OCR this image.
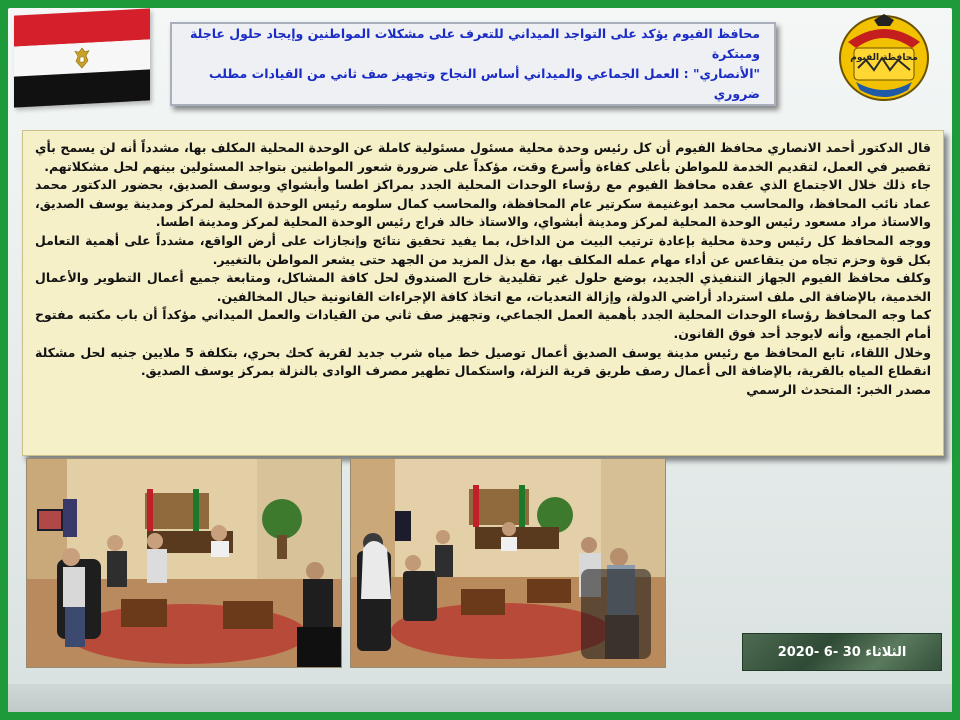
محافظ الفيوم يؤكد على التواجد الميداني للتعرف على مشكلات المواطنين وإيجاد حلول عاجلة ومبتكرة
"الأنصاري" : العمل الجماعي والميداني أساس النجاح وتجهيز صف ثاني من القيادات مطلب ضروري
محافظة الفيوم

قال الدكتور أحمد الانصاري محافظ الفيوم أن كل رئيس وحدة محلية مسئول مسئولية كاملة عن الوحدة المحلية المكلف بها، مشدداً أنه لن يسمح بأي تقصير في العمل، لتقديم الخدمة للمواطن بأعلى كفاءة وأسرع وقت، مؤكداً على ضرورة شعور المواطنين بتواجد المسئولين بينهم لحل مشكلاتهم.

جاء ذلك خلال الاجتماع الذي عقده محافظ الفيوم مع رؤساء الوحدات المحلية الجدد بمراكز اطسا وأبشواي ويوسف الصديق، بحضور الدكتور محمد عماد نائب المحافظ، والمحاسب محمد ابوغنيمة سكرتير عام المحافظة، والمحاسب كمال سلومه رئيس الوحدة المحلية لمركز ومدينة يوسف الصديق، والاستاذ مراد مسعود رئيس الوحدة المحلية لمركز ومدينة أبشواي، والاستاذ خالد فراج رئيس الوحدة المحلية لمركز ومدينة اطسا.

ووجه المحافظ كل رئيس وحدة محلية بإعادة ترتيب البيت من الداخل، بما يفيد تحقيق نتائج وإنجازات على أرض الواقع، مشدداً على أهمية التعامل بكل قوة وحزم تجاه من يتقاعس عن أداء مهام عمله المكلف بها، مع بذل المزيد من الجهد حتى يشعر المواطن بالتغيير.

وكلف محافظ الفيوم الجهاز التنفيذي الجديد، بوضع حلول غير تقليدية خارج الصندوق لحل كافة المشاكل، ومتابعة جميع أعمال التطوير والأعمال الخدمية، بالإضافة الى ملف استرداد أراضي الدولة، وإزالة التعديات، مع اتخاذ كافة الإجراءات القانونية حيال المخالفين.

كما وجه المحافظ رؤساء الوحدات المحلية الجدد بأهمية العمل الجماعي، وتجهيز صف ثاني من القيادات والعمل الميداني مؤكداً أن باب مكتبه مفتوح أمام الجميع، وأنه لايوجد أحد فوق القانون.

وخلال اللقاء، تابع المحافظ مع رئيس مدينة يوسف الصديق أعمال توصيل خط مياه شرب جديد لقرية كحك بحري، بتكلفة 5 ملايين جنيه لحل مشكلة انقطاع المياه بالقرية، بالإضافة الى أعمال رصف طريق قرية النزلة، واستكمال تطهير مصرف الوادى بالنزلة بمركز يوسف الصديق.

مصدر الخبر: المتحدث الرسمي

الثلاثاء 30 -6 -2020
